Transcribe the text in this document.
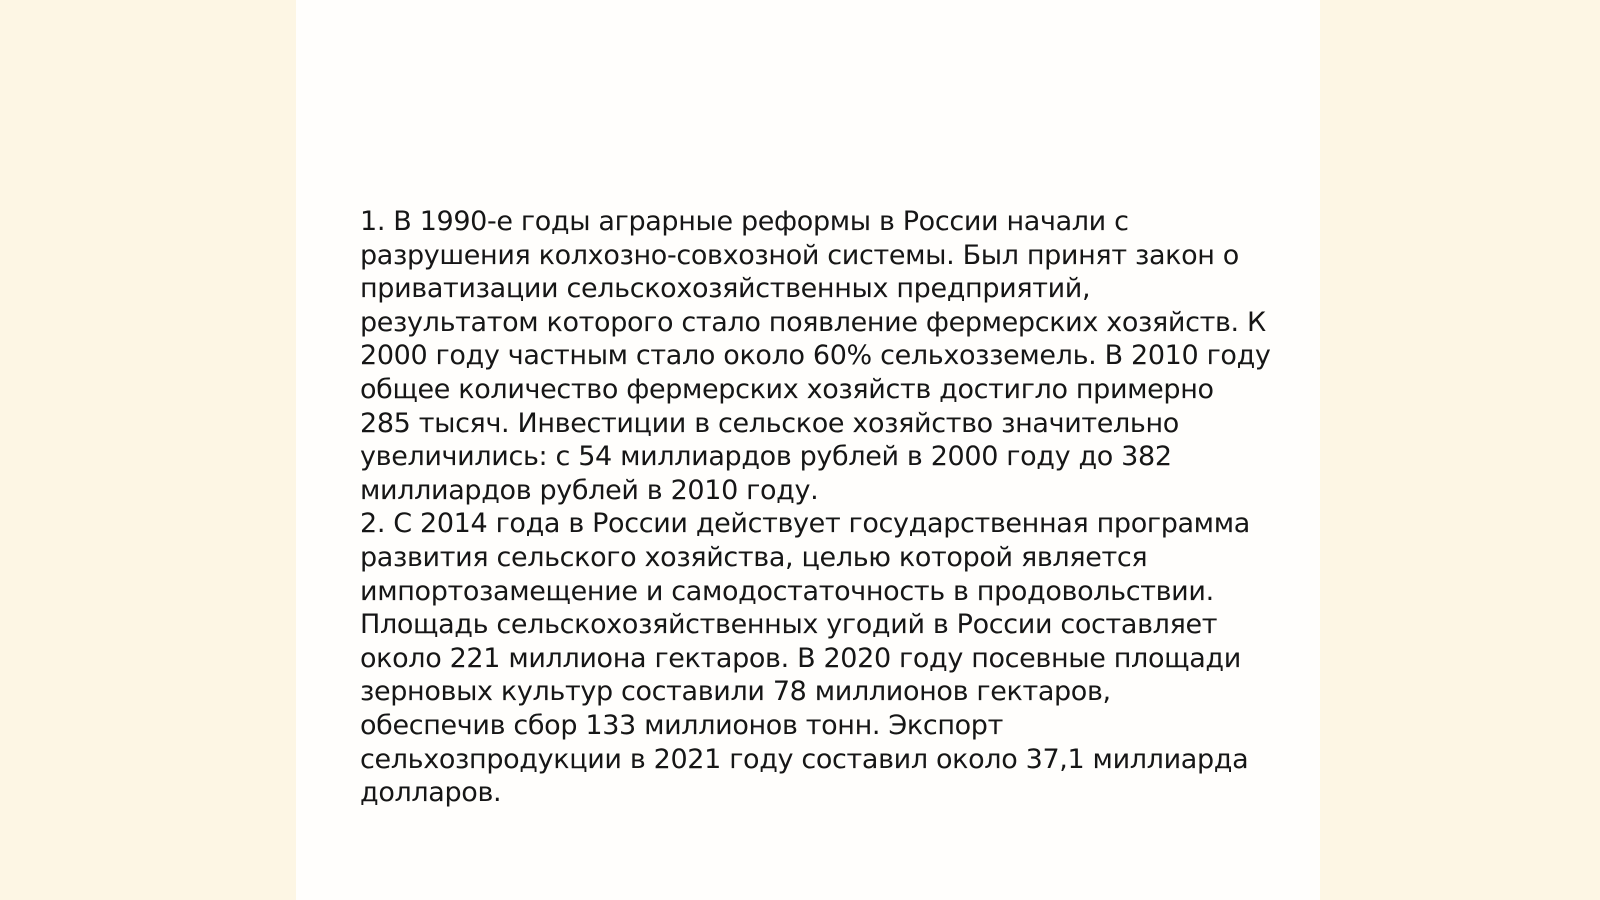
1. В 1990-е годы аграрные реформы в России начали с
разрушения колхозно-совхозной системы. Был принят закон о
приватизации сельскохозяйственных предприятий,
результатом которого стало появление фермерских хозяйств. К
2000 году частным стало около 60% сельхозземель. В 2010 году
общее количество фермерских хозяйств достигло примерно
285 тысяч. Инвестиции в сельское хозяйство значительно
увеличились: с 54 миллиардов рублей в 2000 году до 382
миллиардов рублей в 2010 году.
2. С 2014 года в России действует государственная программа
развития сельского хозяйства, целью которой является
импортозамещение и самодостаточность в продовольствии.
Площадь сельскохозяйственных угодий в России составляет
около 221 миллиона гектаров. В 2020 году посевные площади
зерновых культур составили 78 миллионов гектаров,
обеспечив сбор 133 миллионов тонн. Экспорт
сельхозпродукции в 2021 году составил около 37,1 миллиарда
долларов.
